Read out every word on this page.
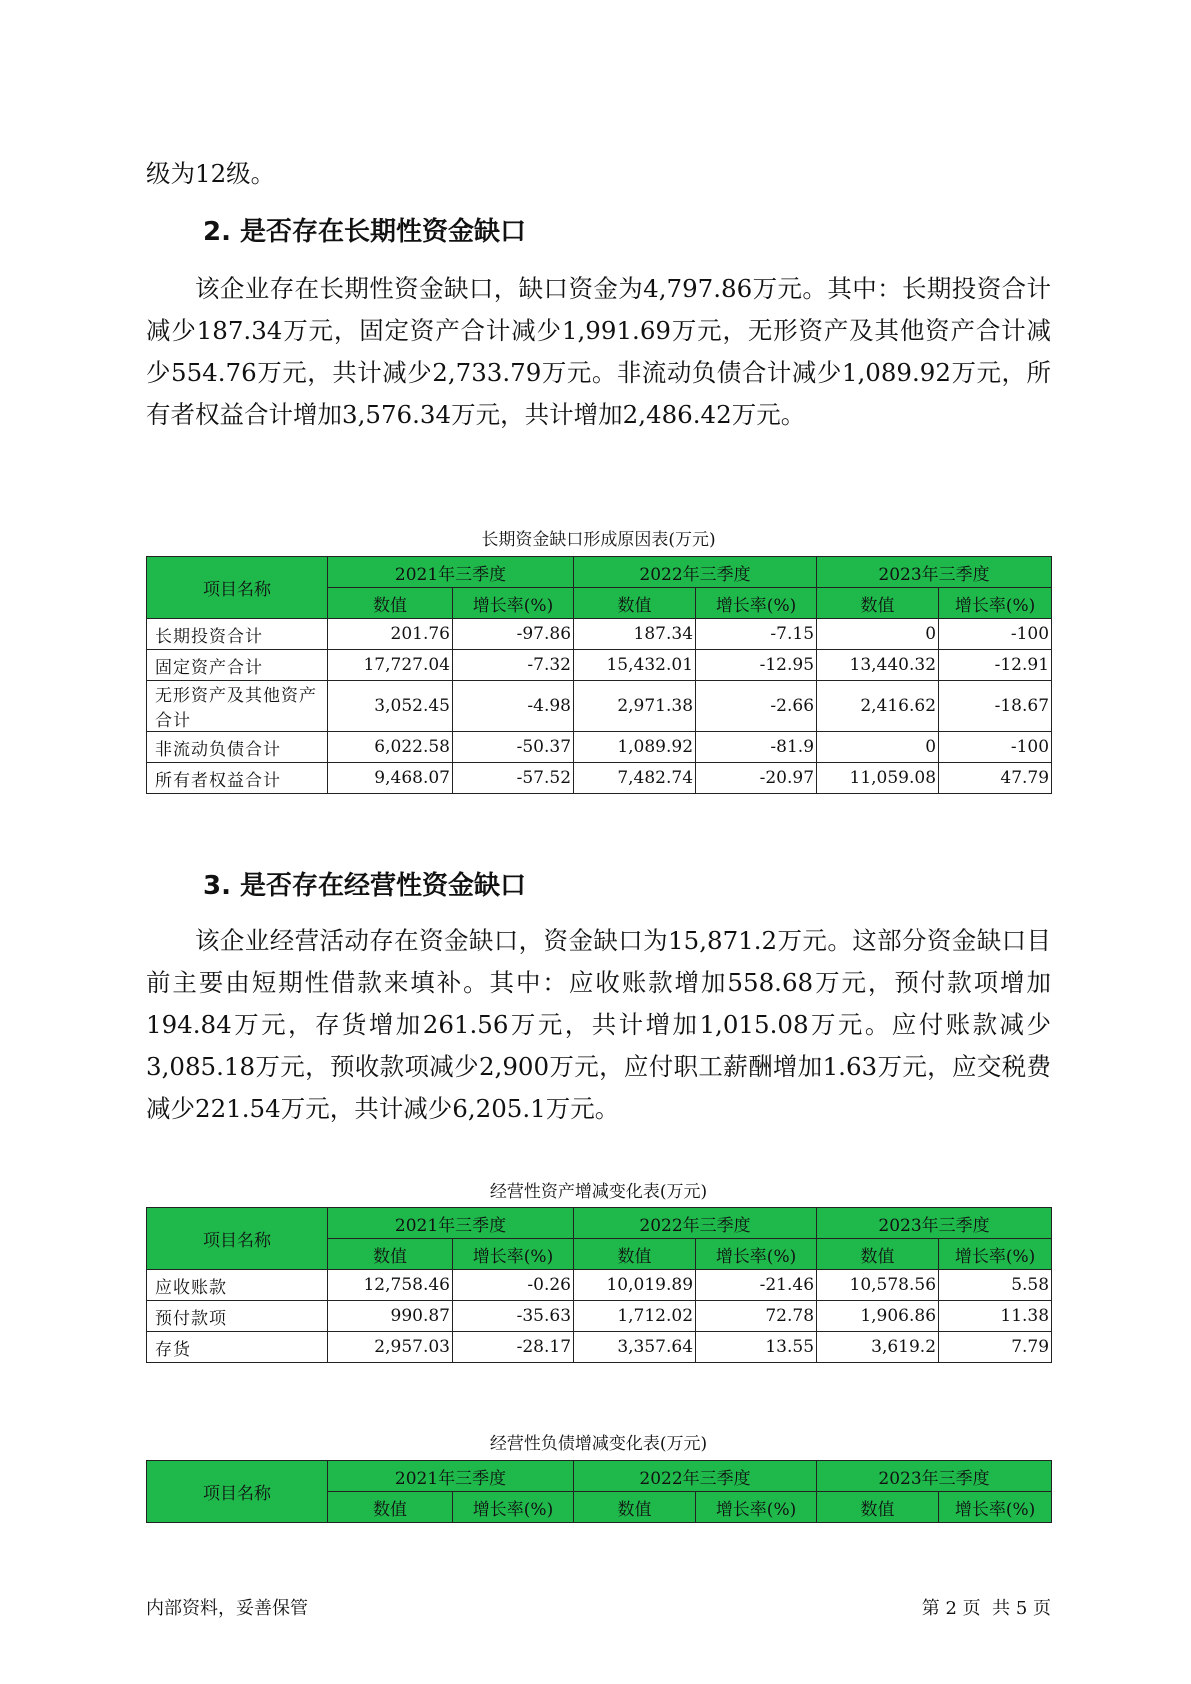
级为12级。

2. 是否存在长期性资金缺口

该企业存在长期性资金缺口，缺口资金为4,797.86万元。其中：长期投资合计减少187.34万元，固定资产合计减少1,991.69万元，无形资产及其他资产合计减少554.76万元，共计减少2,733.79万元。非流动负债合计减少1,089.92万元，所有者权益合计增加3,576.34万元，共计增加2,486.42万元。

长期资金缺口形成原因表(万元)
项目名称	2021年三季度		2022年三季度		2023年三季度	
	数值	增长率(%)	数值	增长率(%)	数值	增长率(%)
长期投资合计	201.76	-97.86	187.34	-7.15	0	-100
固定资产合计	17,727.04	-7.32	15,432.01	-12.95	13,440.32	-12.91
无形资产及其他资产合计	3,052.45	-4.98	2,971.38	-2.66	2,416.62	-18.67
非流动负债合计	6,022.58	-50.37	1,089.92	-81.9	0	-100
所有者权益合计	9,468.07	-57.52	7,482.74	-20.97	11,059.08	47.79
3. 是否存在经营性资金缺口

该企业经营活动存在资金缺口，资金缺口为15,871.2万元。这部分资金缺口目前主要由短期性借款来填补。其中：应收账款增加558.68万元，预付款项增加194.84万元，存货增加261.56万元，共计增加1,015.08万元。应付账款减少3,085.18万元，预收款项减少2,900万元，应付职工薪酬增加1.63万元，应交税费减少221.54万元，共计减少6,205.1万元。

经营性资产增减变化表(万元)
项目名称	2021年三季度		2022年三季度		2023年三季度	
	数值	增长率(%)	数值	增长率(%)	数值	增长率(%)
应收账款	12,758.46	-0.26	10,019.89	-21.46	10,578.56	5.58
预付款项	990.87	-35.63	1,712.02	72.78	1,906.86	11.38
存货	2,957.03	-28.17	3,357.64	13.55	3,619.2	7.79
经营性负债增减变化表(万元)
项目名称	2021年三季度		2022年三季度		2023年三季度	
	数值	增长率(%)	数值	增长率(%)	数值	增长率(%)
内部资料，妥善保管	第 2 页  共 5 页
